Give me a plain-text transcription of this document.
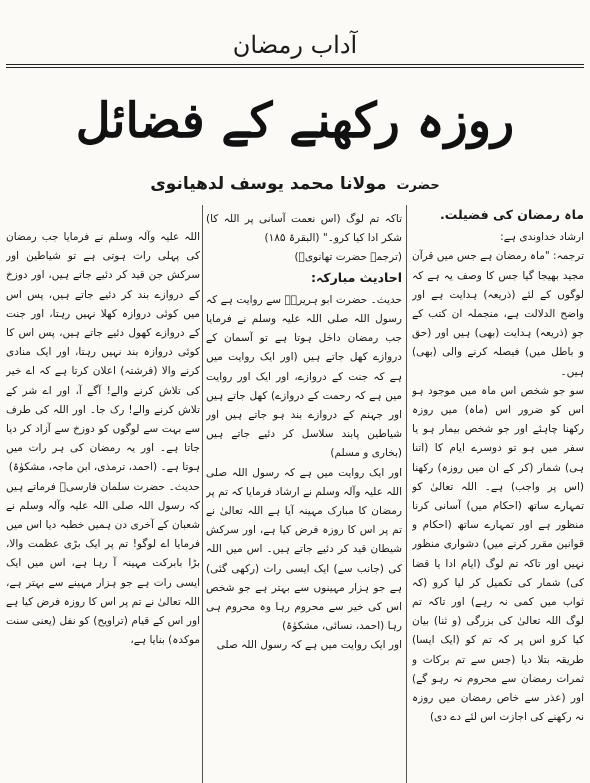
آداب رمضان
روزہ رکھنے کے فضائل
حضرت مولانا محمد یوسف لدھیانوی

ماہ رمضان کی فضیلت.

ارشاد خداوندی ہے:

ترجمہ: "ماہ رمضان ہے جس میں قرآن مجید بھیجا گیا جس کا وصف یہ ہے کہ لوگوں کے لئے (ذریعہ) ہدایت ہے اور واضح الدلالت ہے، منجملہ ان کتب کے جو (ذریعہ) ہدایت (بھی) ہیں اور (حق و باطل میں) فیصلہ کرنے والی (بھی) ہیں۔

سو جو شخص اس ماہ میں موجود ہو اس کو ضرور اس (ماہ) میں روزہ رکھنا چاہئے اور جو شخص بیمار ہو یا سفر میں ہو تو دوسرے ایام کا (اتنا ہی) شمار (کر کے ان میں روزہ) رکھنا (اس پر واجب) ہے۔ اللہ تعالیٰ کو تمہارے ساتھ (احکام میں) آسانی کرنا منظور ہے اور تمہارے ساتھ (احکام و قوانین مقرر کرنے میں) دشواری منظور نہیں اور تاکہ تم لوگ (ایام ادا یا قضا کی) شمار کی تکمیل کر لیا کرو (کہ ثواب میں کمی نہ رہے) اور تاکہ تم لوگ اللہ تعالیٰ کی بزرگی (و ثنا) بیان کیا کرو اس پر کہ تم کو (ایک ایسا) طریقہ بتلا دیا (جس سے تم برکات و ثمرات رمضان سے محروم نہ رہو گے) اور (عذر سے خاص رمضان میں روزہ نہ رکھنے کی اجازت اس لئے دے دی)

تاکہ تم لوگ (اس نعمت آسانی پر اللہ کا) شکر ادا کیا کرو۔" (البقرۃ ۱۸۵)

(ترجمہ حضرت تھانویؒ)

احادیث مبارکہ:

حدیث۔ حضرت ابو ہریرہؓ سے روایت ہے کہ رسول اللہ صلی اللہ علیہ وسلم نے فرمایا جب رمضان داخل ہوتا ہے تو آسمان کے دروازے کھل جاتے ہیں (اور ایک روایت میں ہے کہ جنت کے دروازے، اور ایک اور روایت میں ہے کہ رحمت کے دروازے) کھل جاتے ہیں اور جہنم کے دروازے بند ہو جاتے ہیں اور شیاطین پابند سلاسل کر دئیے جاتے ہیں (بخاری و مسلم)

اور ایک روایت میں ہے کہ رسول اللہ صلی اللہ علیہ وآلہ وسلم نے ارشاد فرمایا کہ تم پر رمضان کا مبارک مہینہ آیا ہے اللہ تعالیٰ نے تم پر اس کا روزہ فرض کیا ہے، اور سرکش شیطان قید کر دئیے جاتے ہیں۔ اس میں اللہ کی (جانب سے) ایک ایسی رات (رکھی گئی) ہے جو ہزار مہینوں سے بہتر ہے جو شخص اس کی خیر سے محروم رہا وہ محروم ہی رہا (احمد، نسائی، مشکوٰۃ)

اور ایک روایت میں ہے کہ رسول اللہ صلی

اللہ علیہ وآلہ وسلم نے فرمایا جب رمضان کی پہلی رات ہوتی ہے تو شیاطین اور سرکش جن قید کر دئیے جاتے ہیں، اور دوزخ کے دروازے بند کر دئیے جاتے ہیں، پس اس میں کوئی دروازہ کھلا نہیں رہتا، اور جنت کے دروازے کھول دئیے جاتے ہیں، پس اس کا کوئی دروازہ بند نہیں رہتا، اور ایک منادی کرنے والا (فرشتہ) اعلان کرتا ہے کہ اے خیر کی تلاش کرنے والے! آگے آ، اور اے شر کے تلاش کرنے والے! رک جا۔ اور اللہ کی طرف سے بہت سے لوگوں کو دوزخ سے آزاد کر دیا جاتا ہے۔ اور یہ رمضان کی ہر رات میں ہوتا ہے۔ (احمد، ترمذی، ابن ماجہ، مشکوٰۃ)

حدیث۔ حضرت سلمان فارسیؓ فرماتے ہیں کہ رسول اللہ صلی اللہ علیہ وآلہ وسلم نے شعبان کے آخری دن ہمیں خطبہ دیا اس میں فرمایا اے لوگو! تم پر ایک بڑی عظمت والا، بڑا بابرکت مہینہ آ رہا ہے، اس میں ایک ایسی رات ہے جو ہزار مہینے سے بہتر ہے، اللہ تعالیٰ نے تم پر اس کا روزہ فرض کیا ہے اور اس کے قیام (تراویح) کو نفل (یعنی سنت موکدہ) بنایا ہے،
